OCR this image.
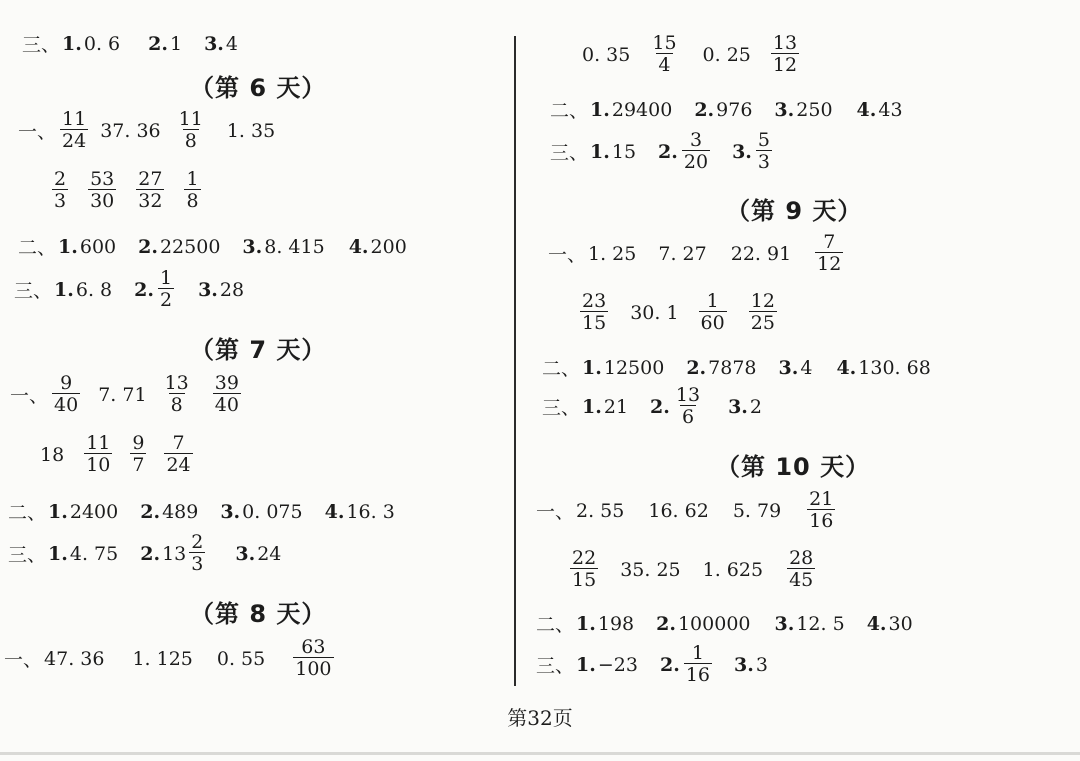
三、 1. 0. 6 2. 1 3. 4
（第 6 天）
一、 $\frac{11}{24} 37$. $36 \frac{11}{8} 1$. 35
$\frac{2}{3} \frac{53}{30} \frac{27}{32} \frac{1}{8}$
二、 1. 600 2. 22500 3. 8. 415 4. 200
三、 1. 6. 8 2. $\frac{1}{2} 3$. 28
（第 7 天）
一、 $\frac{9}{40} 7$. $71 \frac{13}{8} \frac{39}{40}$
$18 \frac{11}{10} \frac{9}{7} \frac{7}{24}$
二、 1. 2400 2. 489 3. 0. 075 4. 16. 3
三、 1. 4. 75 2. $13 \frac{2}{3} 3$. 24
（第 8 天）
一、 47. 36 1. 125 0. $55 \frac{63}{100}$
0. $35 \frac{15}{4} 0$. $25 \frac{13}{12}$
二、 1. 29400 2. 976 3. 250 4. 43
三、 1. 15 2. $\frac{3}{20} 3$. $\frac{5}{3}$
（第 9 天）
一、 1. 25 7. 27 22. $91 \frac{7}{12}$
$\frac{23}{15} 30$. $1 \frac{1}{60} \frac{12}{25}$
二、 1. 12500 2. 7878 3. 4 4. 130. 68
三、 1. 21 2. $\frac{13}{6} 3$. 2
（第 10 天）
一、 2. 55 16. 62 5. $79 \frac{21}{16}$
$\frac{22}{15} 35$. 25 1. $625 \frac{28}{45}$
二、 1. 198 2. 100000 3. 12. 5 4. 30
三、 1. −23 2. $\frac{1}{16} 3$. 3
第32页
